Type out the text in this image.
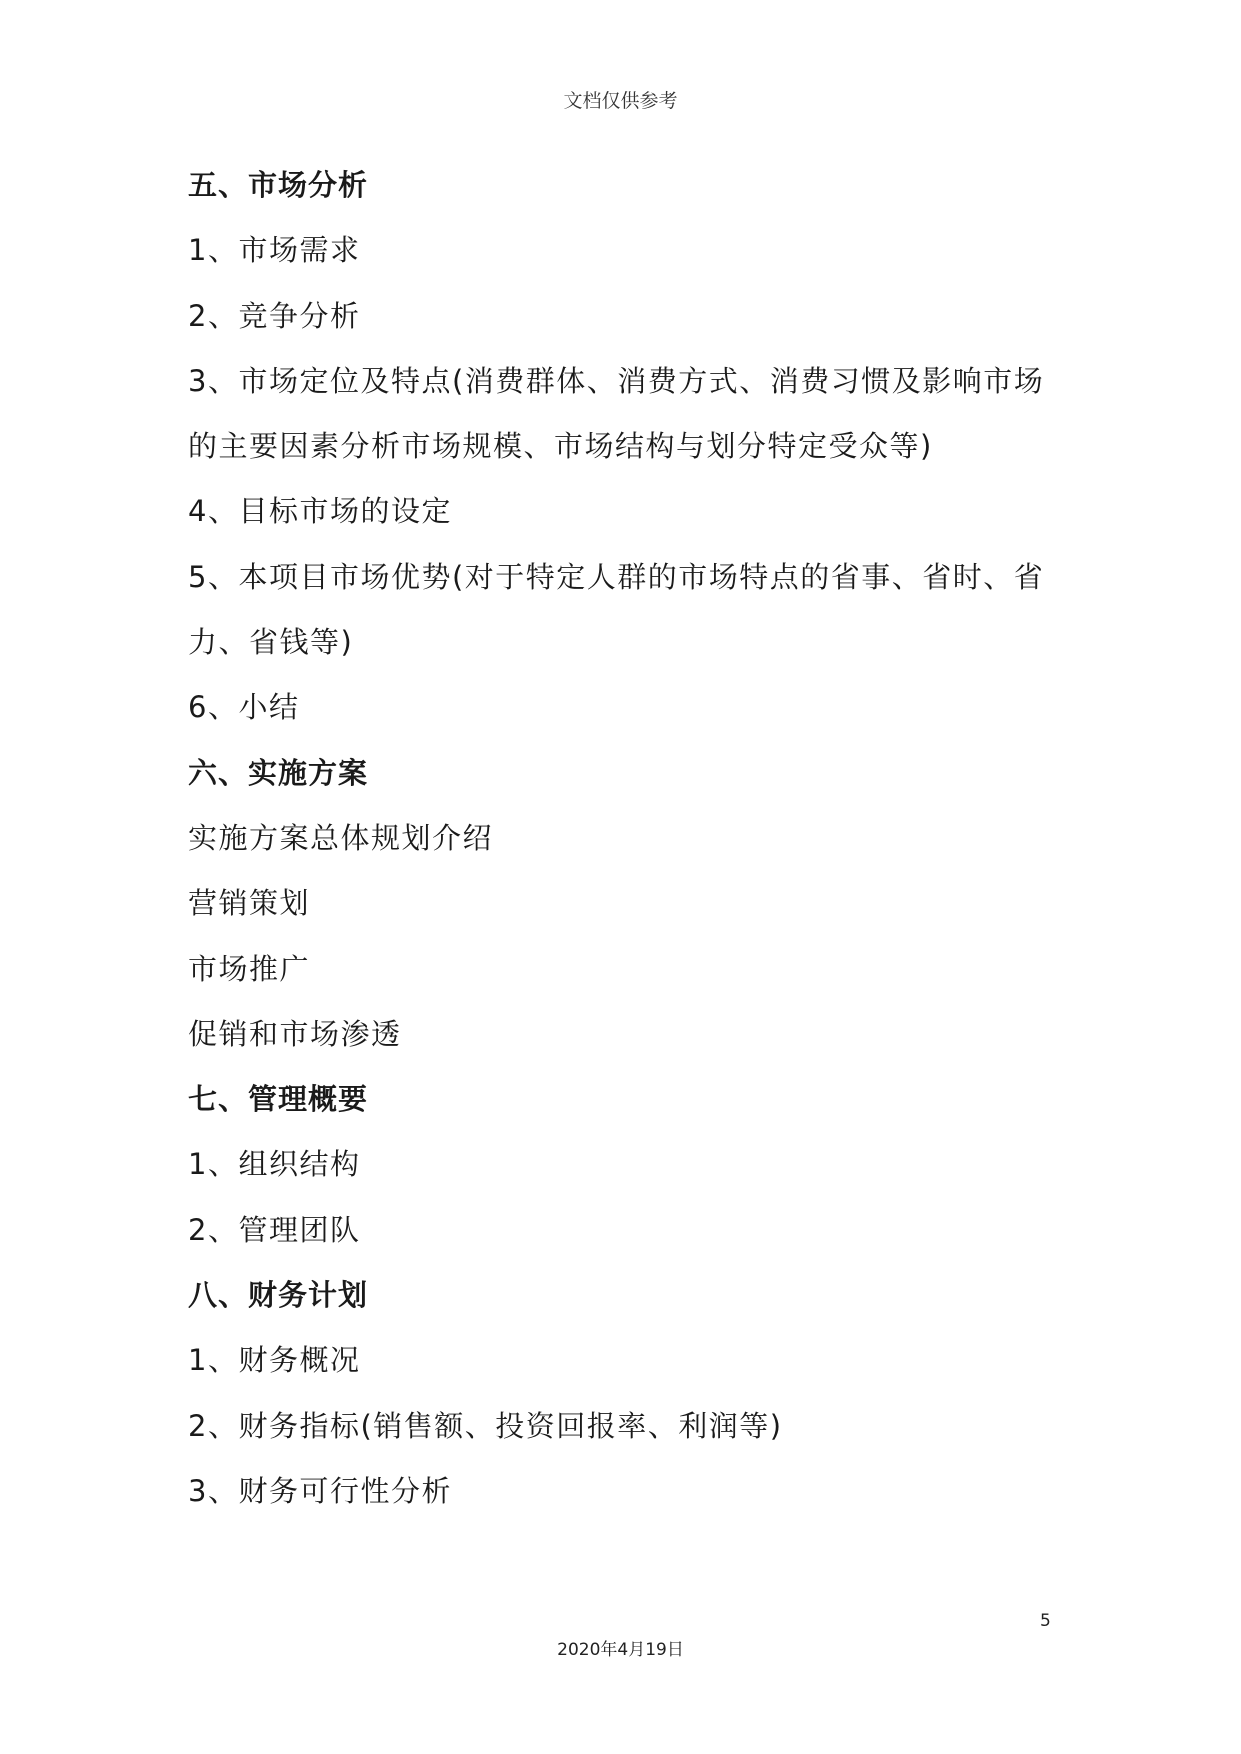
文档仅供参考
五、市场分析
1、市场需求
2、竞争分析
3、市场定位及特点(消费群体、消费方式、消费习惯及影响市场
的主要因素分析市场规模、市场结构与划分特定受众等)
4、目标市场的设定
5、本项目市场优势(对于特定人群的市场特点的省事、省时、省
力、省钱等)
6、小结
六、实施方案
实施方案总体规划介绍
营销策划
市场推广
促销和市场渗透
七、管理概要
1、组织结构
2、管理团队
八、财务计划
1、财务概况
2、财务指标(销售额、投资回报率、利润等)
3、财务可行性分析
5
2020年4月19日
